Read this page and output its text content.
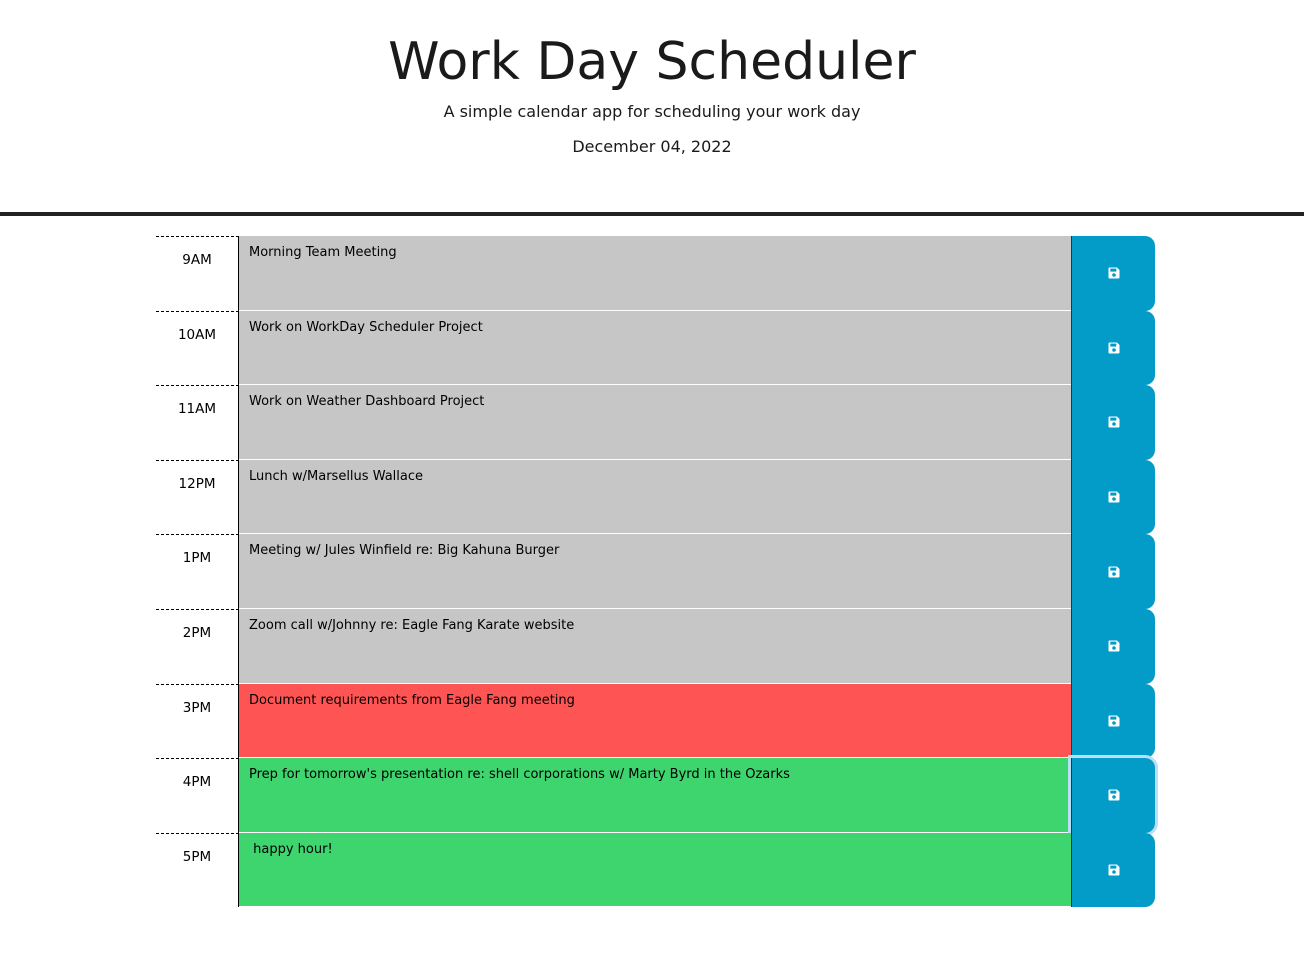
Work Day Scheduler

A simple calendar app for scheduling your work day

December 04, 2022

9AM
Morning Team Meeting
10AM
Work on WorkDay Scheduler Project
11AM
Work on Weather Dashboard Project
12PM
Lunch w/Marsellus Wallace
1PM
Meeting w/ Jules Winfield re: Big Kahuna Burger
2PM
Zoom call w/Johnny re: Eagle Fang Karate website
3PM
Document requirements from Eagle Fang meeting
4PM
Prep for tomorrow's presentation re: shell corporations w/ Marty Byrd in the Ozarks
5PM
happy hour!
